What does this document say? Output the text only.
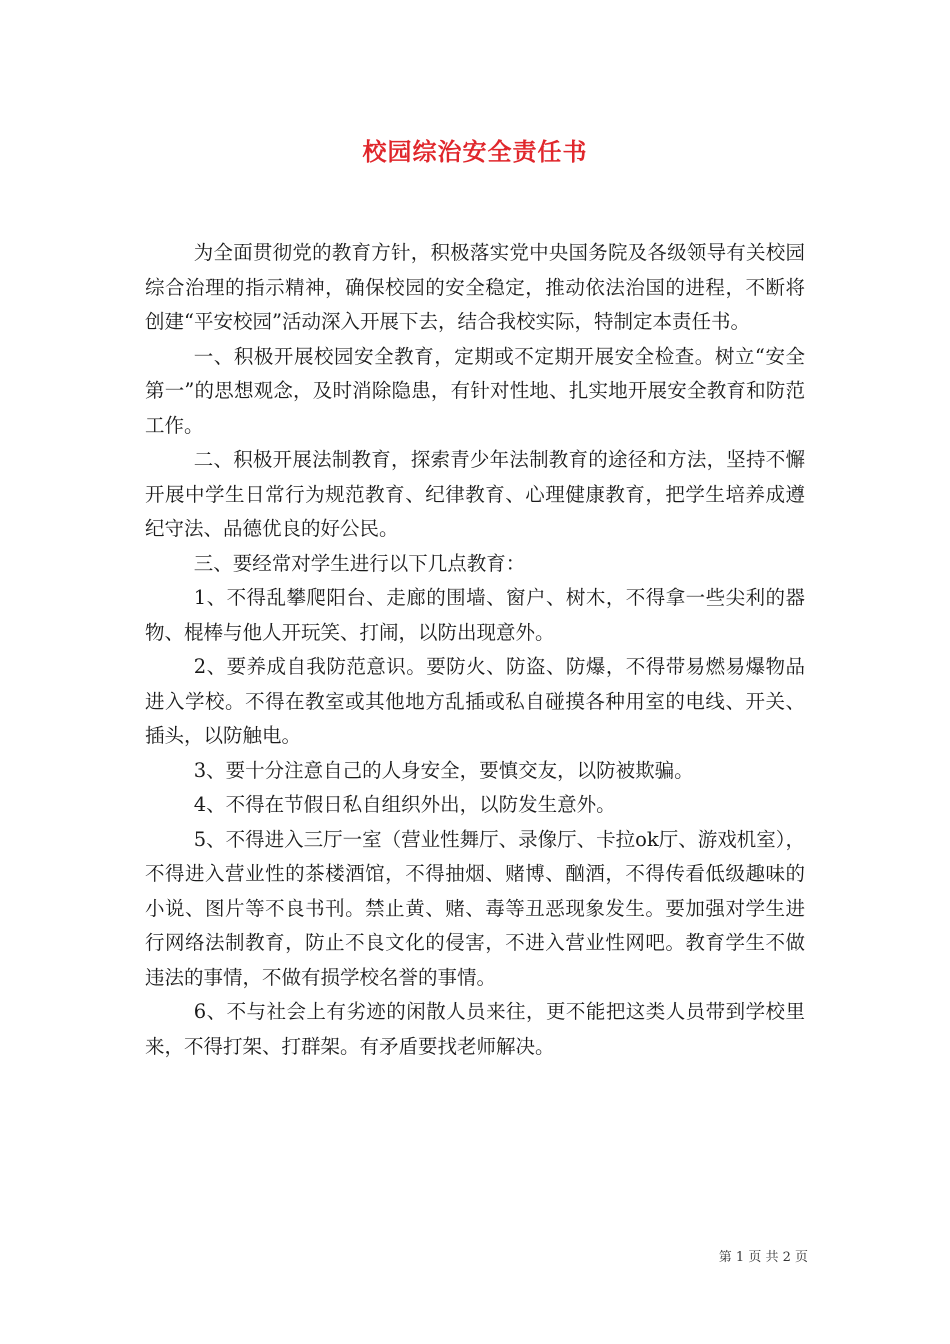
校园综治安全责任书

为全面贯彻党的教育方针，积极落实党中央国务院及各级领导有关校园综合治理的指示精神，确保校园的安全稳定，推动依法治国的进程，不断将创建“平安校园”活动深入开展下去，结合我校实际，特制定本责任书。

一、积极开展校园安全教育，定期或不定期开展安全检查。树立“安全第一”的思想观念，及时消除隐患，有针对性地、扎实地开展安全教育和防范工作。

二、积极开展法制教育，探索青少年法制教育的途径和方法，坚持不懈开展中学生日常行为规范教育、纪律教育、心理健康教育，把学生培养成遵纪守法、品德优良的好公民。

三、要经常对学生进行以下几点教育：

1、不得乱攀爬阳台、走廊的围墙、窗户、树木，不得拿一些尖利的器物、棍棒与他人开玩笑、打闹，以防出现意外。

2、要养成自我防范意识。要防火、防盗、防爆，不得带易燃易爆物品进入学校。不得在教室或其他地方乱插或私自碰摸各种用室的电线、开关、插头，以防触电。

3、要十分注意自己的人身安全，要慎交友，以防被欺骗。

4、不得在节假日私自组织外出，以防发生意外。

5、不得进入三厅一室（营业性舞厅、录像厅、卡拉ok厅、游戏机室），不得进入营业性的茶楼酒馆，不得抽烟、赌博、酗酒，不得传看低级趣味的小说、图片等不良书刊。禁止黄、赌、毒等丑恶现象发生。要加强对学生进行网络法制教育，防止不良文化的侵害，不进入营业性网吧。教育学生不做违法的事情，不做有损学校名誉的事情。

6、不与社会上有劣迹的闲散人员来往，更不能把这类人员带到学校里来，不得打架、打群架。有矛盾要找老师解决。

第 1 页 共 2 页
